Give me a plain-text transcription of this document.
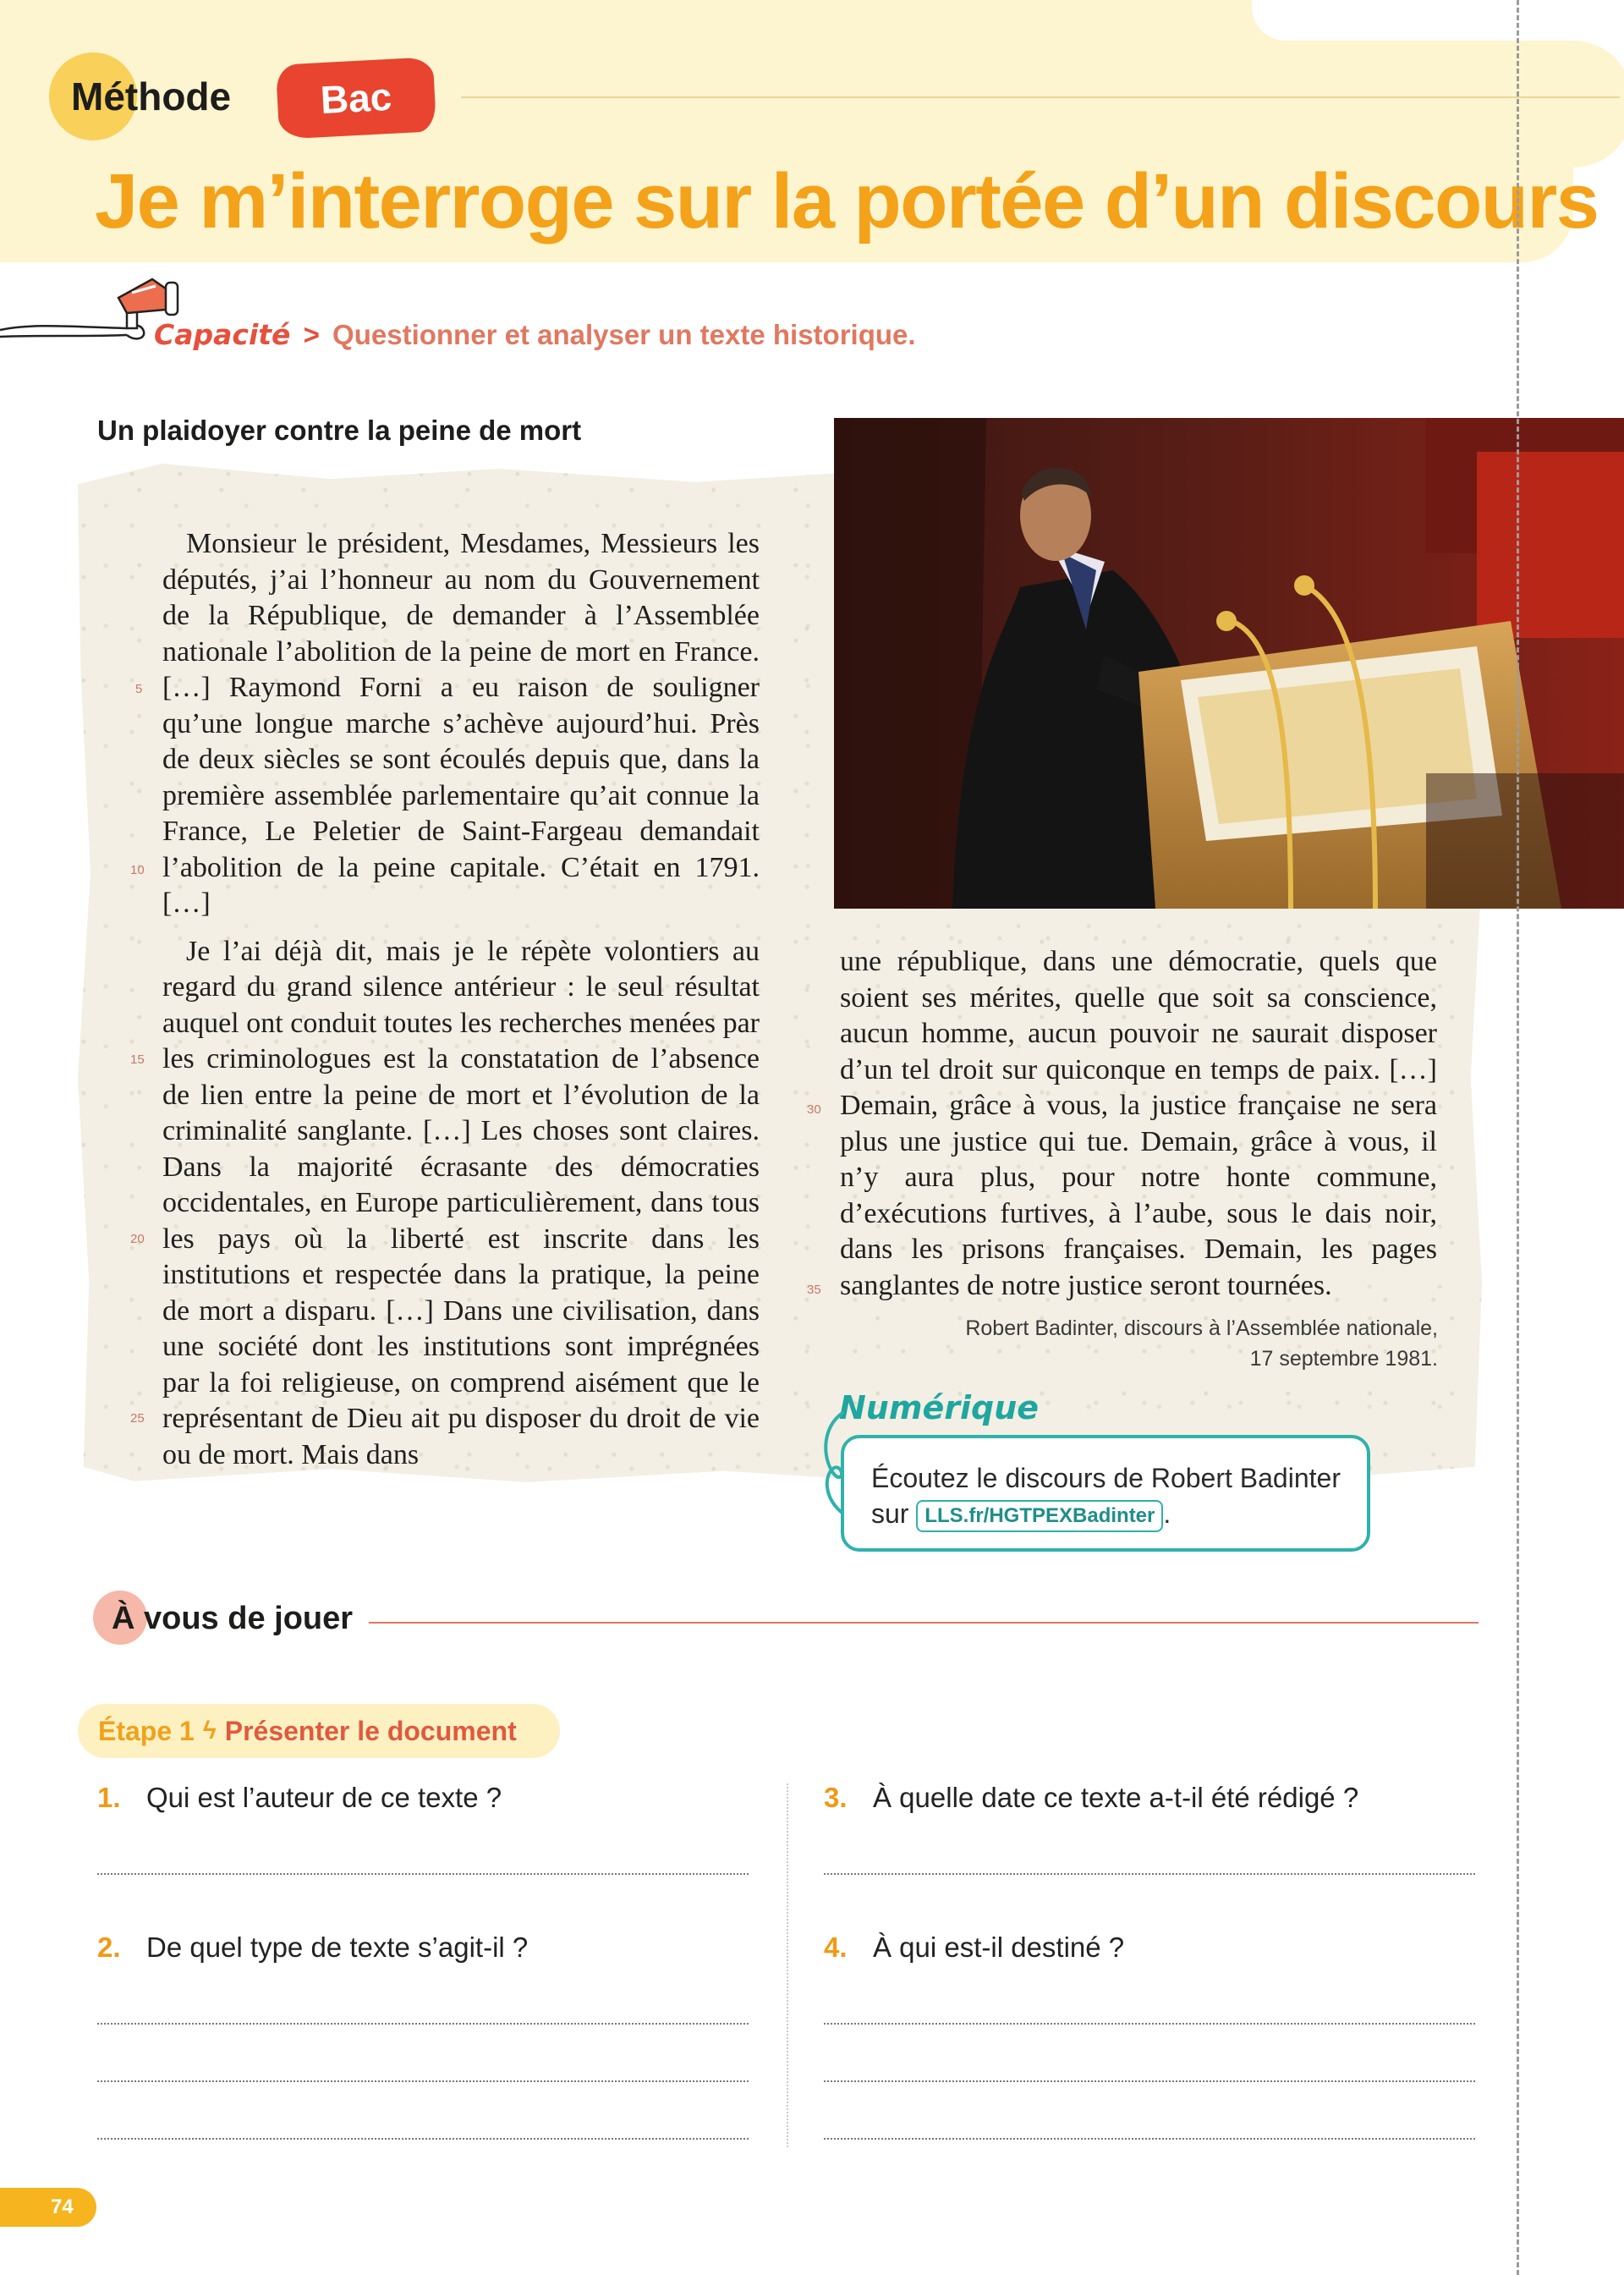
Méthode	Bac
Je m’interroge sur la portée d’un discours
Capacité > Questionner et analyser un texte historique.
Un plaidoyer contre la peine de mort

Monsieur le président, Mesdames, Messieurs les députés, j’ai l’honneur au nom du Gouvernement de la République, de demander à l’Assemblée nationale l’abolition de la peine de mort en France. […] Raymond Forni a eu raison de souligner qu’une longue marche s’achève aujourd’hui. Près de deux siècles se sont écoulés depuis que, dans la première assemblée parlementaire qu’ait connue la France, Le Peletier de Saint-Fargeau demandait l’abolition de la peine capitale. C’était en 1791. […]

Je l’ai déjà dit, mais je le répète volontiers au regard du grand silence antérieur : le seul résultat auquel ont conduit toutes les recherches menées par les criminologues est la constatation de l’absence de lien entre la peine de mort et l’évolution de la criminalité sanglante. […] Les choses sont claires. Dans la majorité écrasante des démocraties occidentales, en Europe particulièrement, dans tous les pays où la liberté est inscrite dans les institutions et respectée dans la pratique, la peine de mort a disparu. […] Dans une civilisation, dans une société dont les institutions sont imprégnées par la foi religieuse, on comprend aisément que le représentant de Dieu ait pu disposer du droit de vie ou de mort. Mais dans

une république, dans une démocratie, quels que soient ses mérites, quelle que soit sa conscience, aucun homme, aucun pouvoir ne saurait disposer d’un tel droit sur quiconque en temps de paix. […] Demain, grâce à vous, la justice française ne sera plus une justice qui tue. Demain, grâce à vous, il n’y aura plus, pour notre honte commune, d’exécutions furtives, à l’aube, sous le dais noir, dans les prisons françaises. Demain, les pages sanglantes de notre justice seront tournées.

5
10
15
20
25
30
35
Robert Badinter, discours à l’Assemblée nationale,
17 septembre 1981.
Numérique
Écoutez le discours de Robert Badinter
sur LLS.fr/HGTPEXBadinter .
À vous de jouer
Étape 1 ϟ Présenter le document
1. Qui est l’auteur de ce texte ?
2. De quel type de texte s’agit-il ?
3. À quelle date ce texte a-t-il été rédigé ?
4. À qui est-il destiné ?
74
